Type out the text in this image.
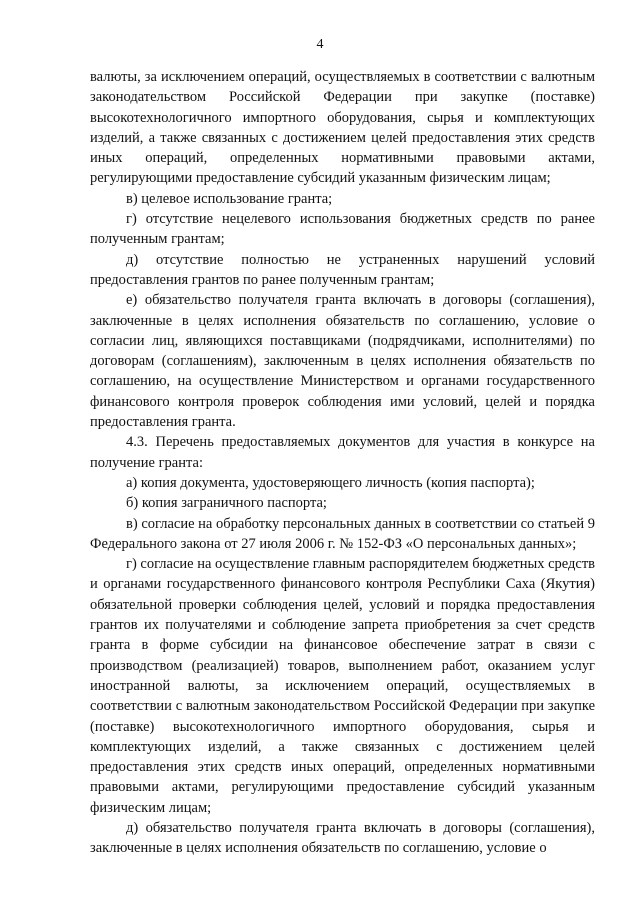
4

валюты, за исключением операций, осуществляемых в соответствии с валютным законодательством Российской Федерации при закупке (поставке) высокотехнологичного импортного оборудования, сырья и комплектующих изделий, а также связанных с достижением целей предоставления этих средств иных операций, определенных нормативными правовыми актами, регулирующими предоставление субсидий указанным физическим лицам;

в) целевое использование гранта;

г) отсутствие нецелевого использования бюджетных средств по ранее полученным грантам;

д) отсутствие полностью не устраненных нарушений условий предоставления грантов по ранее полученным грантам;

е) обязательство получателя гранта включать в договоры (соглашения), заключенные в целях исполнения обязательств по соглашению, условие о согласии лиц, являющихся поставщиками (подрядчиками, исполнителями) по договорам (соглашениям), заключенным в целях исполнения обязательств по соглашению, на осуществление Министерством и органами государственного финансового контроля проверок соблюдения ими условий, целей и порядка предоставления гранта.

4.3. Перечень предоставляемых документов для участия в конкурсе на получение гранта:

а) копия документа, удостоверяющего личность (копия паспорта);

б) копия заграничного паспорта;

в) согласие на обработку персональных данных в соответствии со статьей 9 Федерального закона от 27 июля 2006 г. № 152-ФЗ «О персональных данных»;

г) согласие на осуществление главным распорядителем бюджетных средств и органами государственного финансового контроля Республики Саха (Якутия) обязательной проверки соблюдения целей, условий и порядка предоставления грантов их получателями и соблюдение запрета приобретения за счет средств гранта в форме субсидии на финансовое обеспечение затрат в связи с производством (реализацией) товаров, выполнением работ, оказанием услуг иностранной валюты, за исключением операций, осуществляемых в соответствии с валютным законодательством Российской Федерации при закупке (поставке) высокотехнологичного импортного оборудования, сырья и комплектующих изделий, а также связанных с достижением целей предоставления этих средств иных операций, определенных нормативными правовыми актами, регулирующими предоставление субсидий указанным физическим лицам;

д) обязательство получателя гранта включать в договоры (соглашения), заключенные в целях исполнения обязательств по соглашению, условие о
